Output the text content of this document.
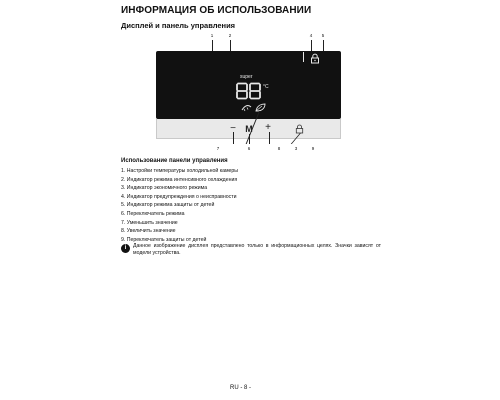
ИНФОРМАЦИЯ ОБ ИСПОЛЬЗОВАНИИ
Дисплей и панель управления
1	2	4	5
super
°C
− M +
7	6	8	3	9
Использование панели управления
1. Настройки температуры холодильной камеры
2. Индикатор режима интенсивного охлаждения
3. Индикатор экономичного режима
4. Индикатор предупреждения о неисправности
5. Индикатор режима защиты от детей
6. Переключатель режима
7. Уменьшить значение
8. Увеличить значение
9. Переключатель защиты от детей
i	Данное изображение дисплея представлено только в информационных целях. Значки зависят от модели устройства.
RU - 8 -
